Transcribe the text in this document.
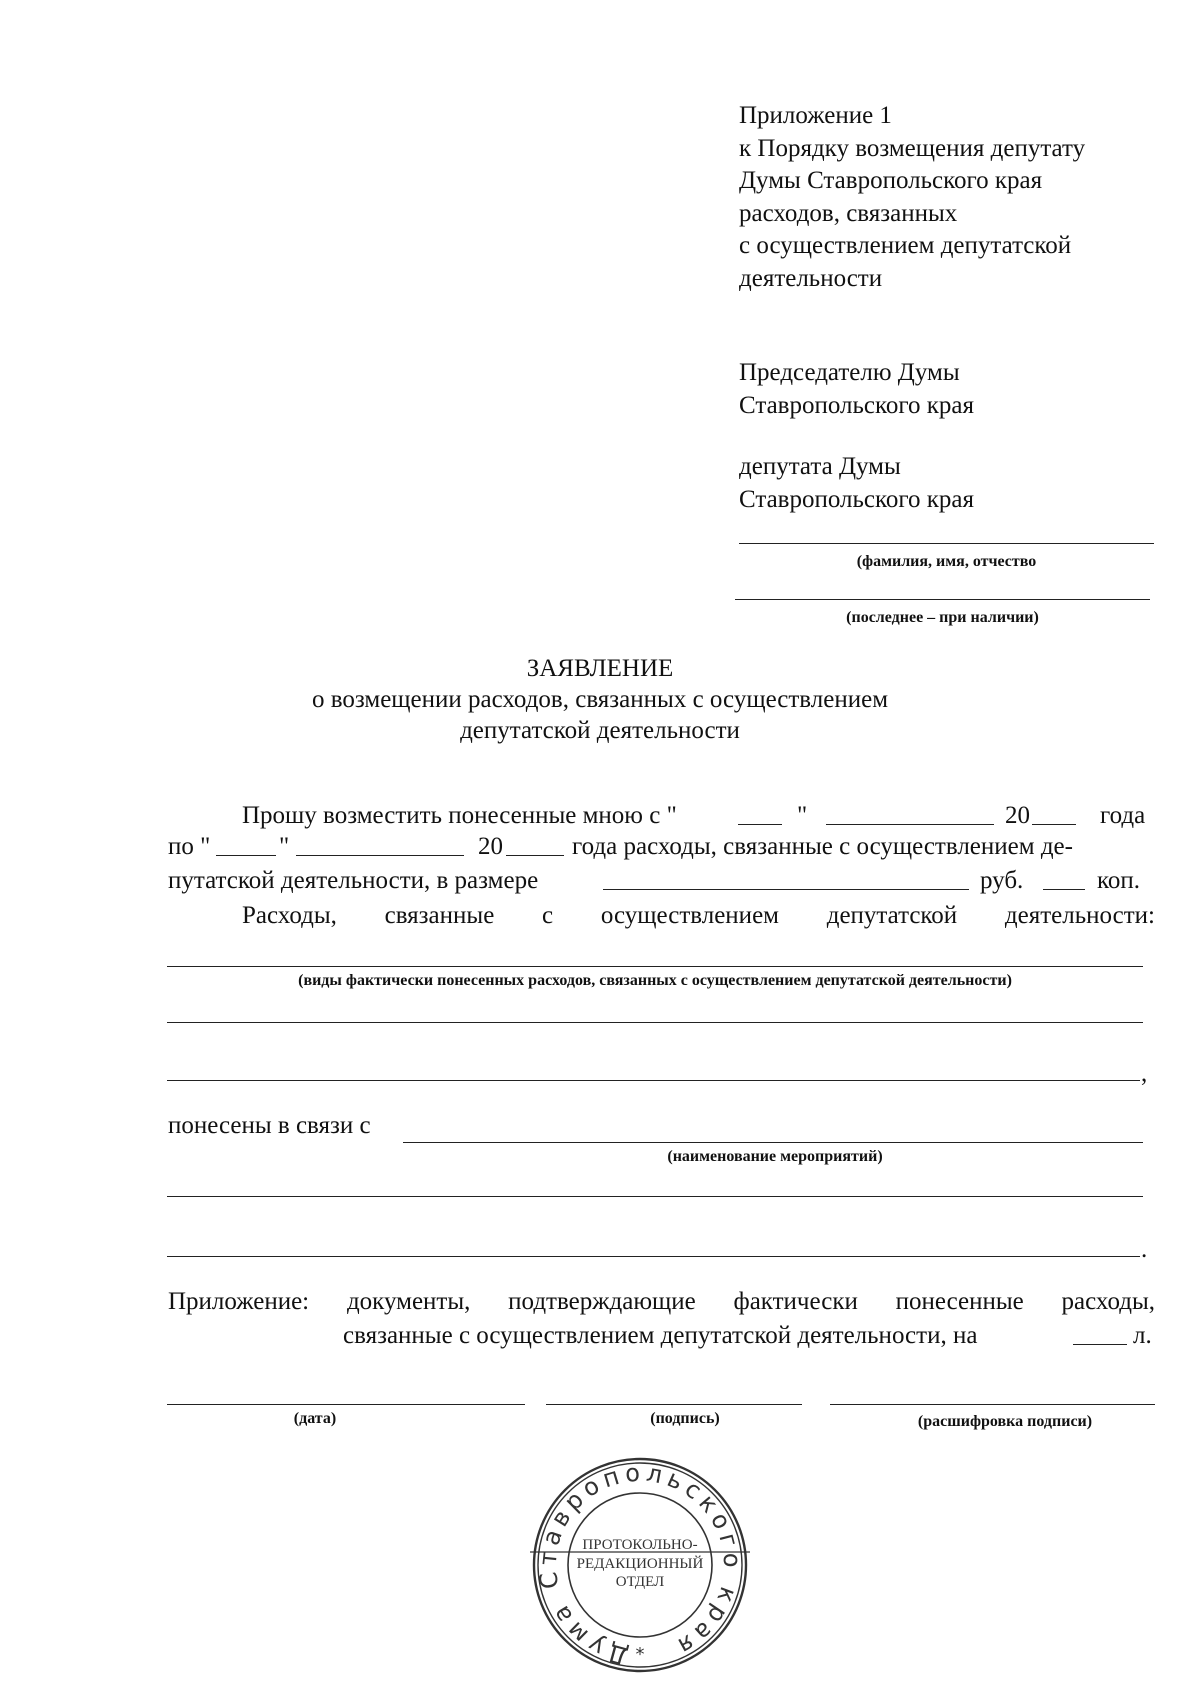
Приложение 1
к Порядку возмещения депутату
Думы Ставропольского края
расходов, связанных
с осуществлением депутатской
деятельности
Председателю Думы
Ставропольского края
депутата Думы
Ставропольского края
(фамилия, имя, отчество
(последнее – при наличии)
ЗАЯВЛЕНИЕ
о возмещении расходов, связанных с осуществлением
депутатской деятельности
Прошу возместить понесенные мною с "	"	20	года
по "	"	20	года расходы, связанные с осуществлением де-
путатской деятельности, в размере	руб.	коп.
Расходы, связанные с осуществлением депутатской деятельности:
(виды фактически понесенных расходов, связанных с осуществлением депутатской деятельности)
,
понесены в связи с
(наименование мероприятий)
.
Приложение: документы, подтверждающие фактически понесенные расходы,
связанные с осуществлением депутатской деятельности, на	л.
(дата)	(подпись)	(расшифровка подписи)
Дума Ставропольского края
ПРОТОКОЛЬНО-
РЕДАКЦИОННЫЙ
ОТДЕЛ
*
